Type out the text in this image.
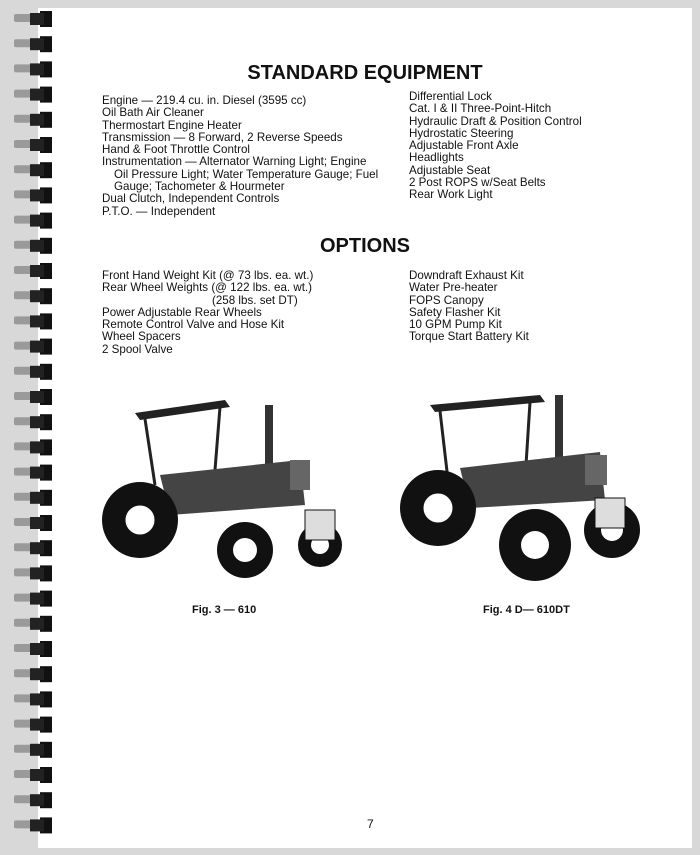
STANDARD EQUIPMENT
Engine — 219.4 cu. in. Diesel (3595 cc)
Oil Bath Air Cleaner
Thermostart Engine Heater
Transmission — 8 Forward, 2 Reverse Speeds
Hand & Foot Throttle Control
Instrumentation — Alternator Warning Light; Engine
Oil Pressure Light; Water Temperature Gauge; Fuel
Gauge; Tachometer & Hourmeter
Dual Clutch, Independent Controls
P.T.O. — Independent
Differential Lock
Cat. I & II Three-Point-Hitch
Hydraulic Draft & Position Control
Hydrostatic Steering
Adjustable Front Axle
Headlights
Adjustable Seat
2 Post ROPS w/Seat Belts
Rear Work Light
OPTIONS
Front Hand Weight Kit (@ 73 lbs. ea. wt.)
Rear Wheel Weights (@ 122 lbs. ea. wt.)
(258 lbs. set DT)
Power Adjustable Rear Wheels
Remote Control Valve and Hose Kit
Wheel Spacers
2 Spool Valve
Downdraft Exhaust Kit
Water Pre-heater
FOPS Canopy
Safety Flasher Kit
10 GPM Pump Kit
Torque Start Battery Kit
Fig. 3 — 610	Fig. 4 D— 610DT
7
